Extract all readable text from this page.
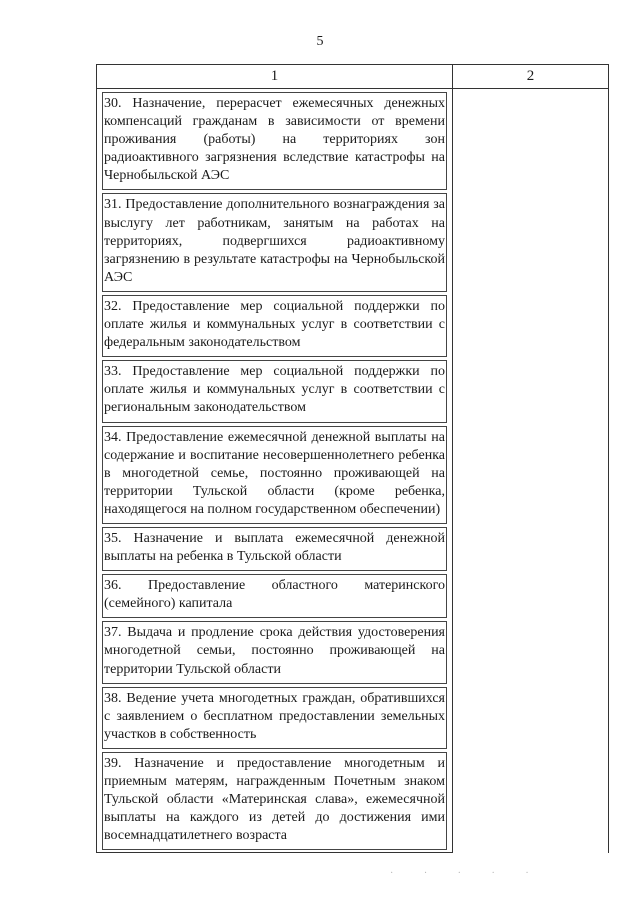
5
1	2

30. Назначение, перерасчет ежемесячных денежных компенсаций гражданам в зависимости от времени проживания (работы) на территориях зон радиоактивного загрязнения вследствие катастрофы на Чернобыльской АЭС	

31. Предоставление дополнительного вознаграждения за выслугу лет работникам, занятым на работах на территориях, подвергшихся радиоактивному загрязнению в результате катастрофы на Чернобыльской АЭС	

32. Предоставление мер социальной поддержки по оплате жилья и коммунальных услуг в соответствии с федеральным законодательством	

33. Предоставление мер социальной поддержки по оплате жилья и коммунальных услуг в соответствии с региональным законодательством	

34. Предоставление ежемесячной денежной выплаты на содержание и воспитание несовершеннолетнего ребенка в многодетной семье, постоянно проживающей на территории Тульской области (кроме ребенка, находящегося на полном государственном обеспечении)	

35. Назначение и выплата ежемесячной денежной выплаты на ребенка в Тульской области	

36. Предоставление областного материнского (семейного) капитала	

37. Выдача и продление срока действия удостоверения многодетной семьи, постоянно проживающей на территории Тульской области	

38. Ведение учета многодетных граждан, обратившихся с заявлением о бесплатном предоставлении земельных участков в собственность	

39. Назначение и предоставление многодетным и приемным матерям, награжденным Почетным знаком Тульской области «Материнская слава», ежемесячной выплаты на каждого из детей до достижения ими восемнадцатилетнего возраста	
· · · · ·
